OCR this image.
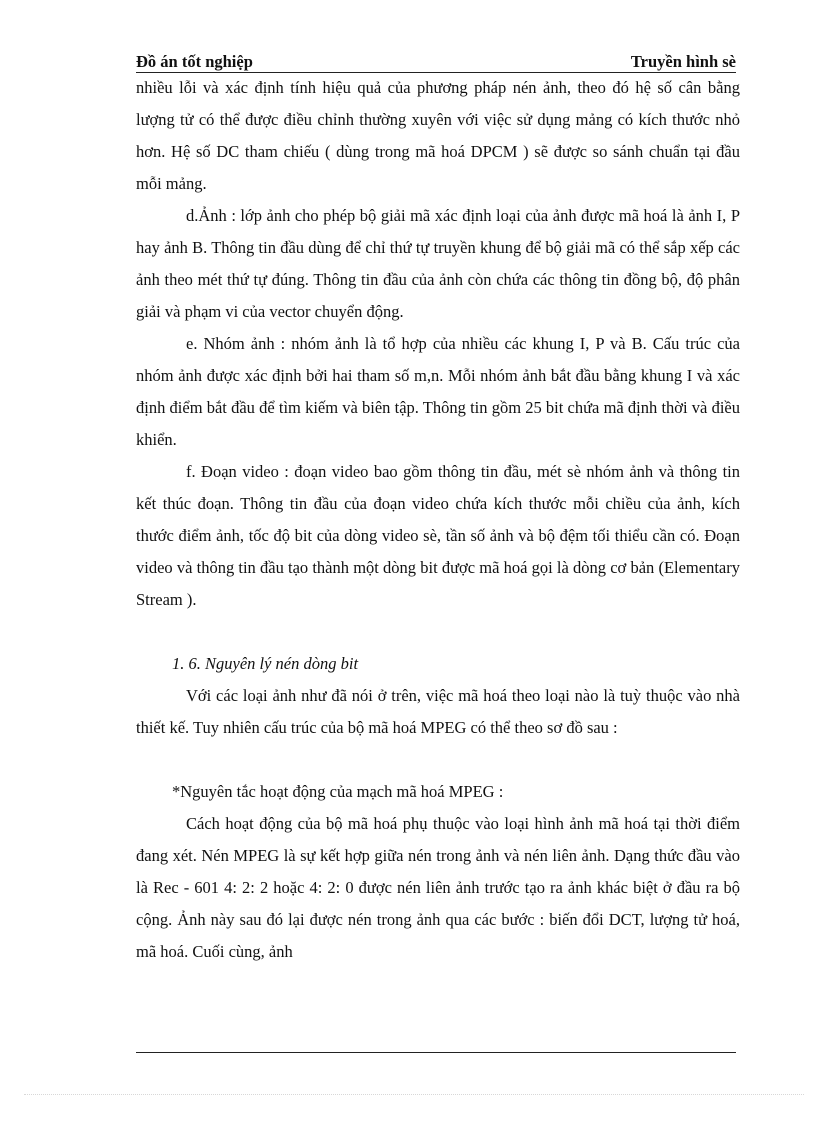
Đồ án tốt nghiệp	Truyền hình sè

nhiều lỗi và xác định tính hiệu quả của phương pháp nén ảnh, theo đó hệ số cân bằng lượng tử có thể được điều chỉnh thường xuyên với việc sử dụng mảng có kích thước nhỏ hơn. Hệ số DC tham chiếu ( dùng trong mã hoá DPCM ) sẽ được so sánh chuẩn tại đầu mỗi mảng.

d.Ảnh : lớp ảnh cho phép bộ giải mã xác định loại của ảnh được mã hoá là ảnh I, P hay ảnh B. Thông tin đầu dùng để chỉ thứ tự truyền khung để bộ giải mã có thể sắp xếp các ảnh theo mét thứ tự đúng. Thông tin đầu của ảnh còn chứa các thông tin đồng bộ, độ phân giải và phạm vi của vector chuyển động.

e. Nhóm ảnh : nhóm ảnh là tổ hợp của nhiều các khung I, P và B. Cấu trúc của nhóm ảnh được xác định bởi hai tham số m,n. Mỗi nhóm ảnh bắt đầu bằng khung I và xác định điểm bắt đầu để tìm kiếm và biên tập. Thông tin gồm 25 bit chứa mã định thời và điều khiển.

f. Đoạn video : đoạn video bao gồm thông tin đầu, mét sè nhóm ảnh và thông tin kết thúc đoạn. Thông tin đầu của đoạn video chứa kích thước mỗi chiều của ảnh, kích thước điểm ảnh, tốc độ bit của dòng video sè, tần số ảnh và bộ đệm tối thiểu cần có. Đoạn video và thông tin đầu tạo thành một dòng bit được mã hoá gọi là dòng cơ bản (Elementary Stream ).

1. 6. Nguyên lý nén dòng bit

Với các loại ảnh như đã nói ở trên, việc mã hoá theo loại nào là tuỳ thuộc vào nhà thiết kế. Tuy nhiên cấu trúc của bộ mã hoá MPEG có thể theo sơ đồ sau :

*Nguyên tắc hoạt động của mạch mã hoá MPEG :

Cách hoạt động của bộ mã hoá phụ thuộc vào loại hình ảnh mã hoá tại thời điểm đang xét. Nén MPEG là sự kết hợp giữa nén trong ảnh và nén liên ảnh. Dạng thức đầu vào là Rec - 601 4: 2: 2 hoặc 4: 2: 0 được nén liên ảnh trước tạo ra ảnh khác biệt ở đầu ra bộ cộng. Ảnh này sau đó lại được nén trong ảnh qua các bước : biến đổi DCT, lượng tử hoá, mã hoá. Cuối cùng, ảnh
